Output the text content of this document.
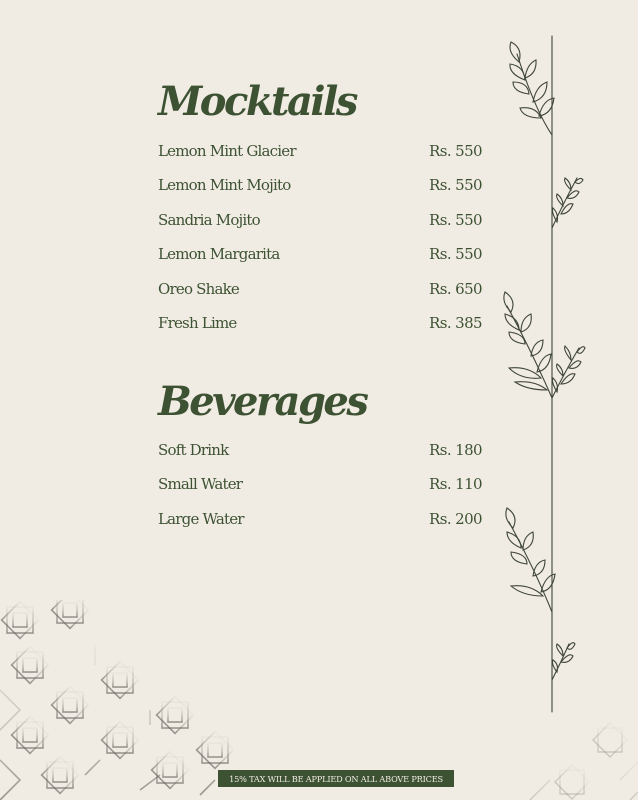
Mocktails
Lemon Mint Glacier	Rs. 550
Lemon Mint Mojito	Rs. 550
Sandria Mojito	Rs. 550
Lemon Margarita	Rs. 550
Oreo Shake	Rs. 650
Fresh Lime	Rs. 385
Beverages
Soft Drink	Rs. 180
Small Water	Rs. 110
Large Water	Rs. 200
15% TAX WILL BE APPLIED ON ALL ABOVE PRICES
